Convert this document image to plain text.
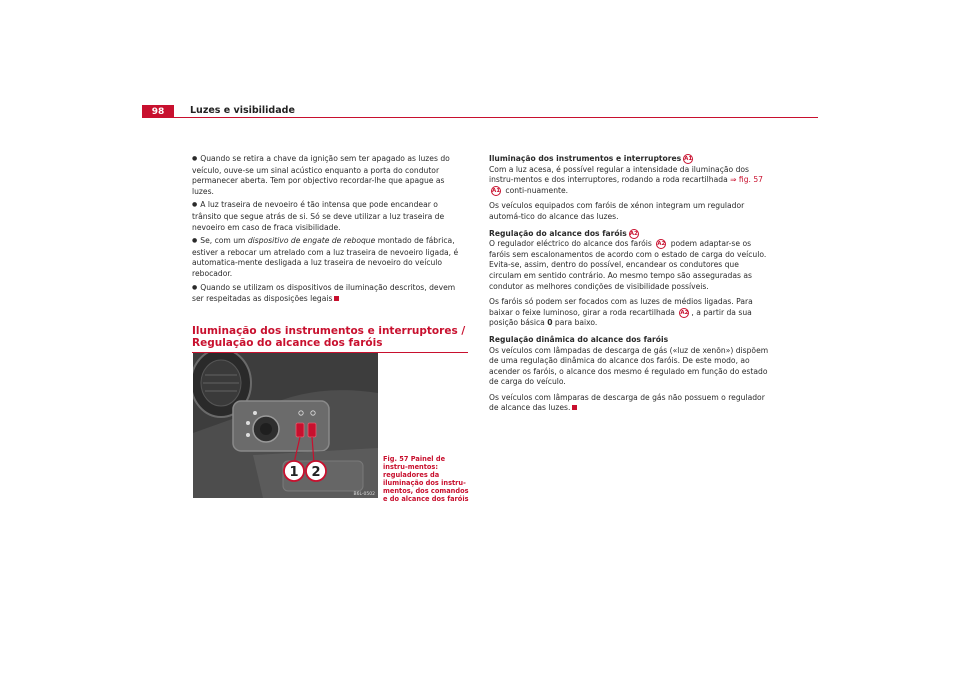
98	Luzes e visibilidade

● Quando se retira a chave da ignição sem ter apagado as luzes do veículo, ouve-se um sinal acústico enquanto a porta do condutor permanecer aberta. Tem por objectivo recordar-lhe que apague as luzes.

● A luz traseira de nevoeiro é tão intensa que pode encandear o trânsito que segue atrás de si. Só se deve utilizar a luz traseira de nevoeiro em caso de fraca visibilidade.

● Se, com um dispositivo de engate de reboque montado de fábrica, estiver a rebocar um atrelado com a luz traseira de nevoeiro ligada, é automatica-mente desligada a luz traseira de nevoeiro do veículo rebocador.

● Quando se utilizam os dispositivos de iluminação descritos, devem ser respeitadas as disposições legais

Iluminação dos instrumentos e interruptores / Regulação do alcance dos faróis
1 2
B6L-0502
Fig. 57 Painel de instru-mentos: reguladores da iluminação dos instru-mentos, dos comandos e do alcance dos faróis

Iluminação dos instrumentos e interruptores A1

Com a luz acesa, é possível regular a intensidade da iluminação dos instru-mentos e dos interruptores, rodando a roda recartilhada ⇒ fig. 57A1 conti-nuamente.

Os veículos equipados com faróis de xénon integram um regulador automá-tico do alcance das luzes.

Regulação do alcance dos faróis A2

O regulador eléctrico do alcance dos faróis A2 podem adaptar-se os faróis sem escalonamentos de acordo com o estado de carga do veículo. Evita-se, assim, dentro do possível, encandear os condutores que circulam em sentido contrário. Ao mesmo tempo são asseguradas as condutor as melhores condições de visibilidade possíveis.

Os faróis só podem ser focados com as luzes de médios ligadas. Para baixar o feixe luminoso, girar a roda recartilhada A2 , a partir da sua posição básica 0 para baixo.

Regulação dinâmica do alcance dos faróis

Os veículos com lâmpadas de descarga de gás («luz de xenõn») dispõem de uma regulação dinâmica do alcance dos faróis. De este modo, ao acender os faróis, o alcance dos mesmo é regulado em função do estado de carga do veículo.

Os veículos com lâmparas de descarga de gás não possuem o regulador de alcance das luzes.
